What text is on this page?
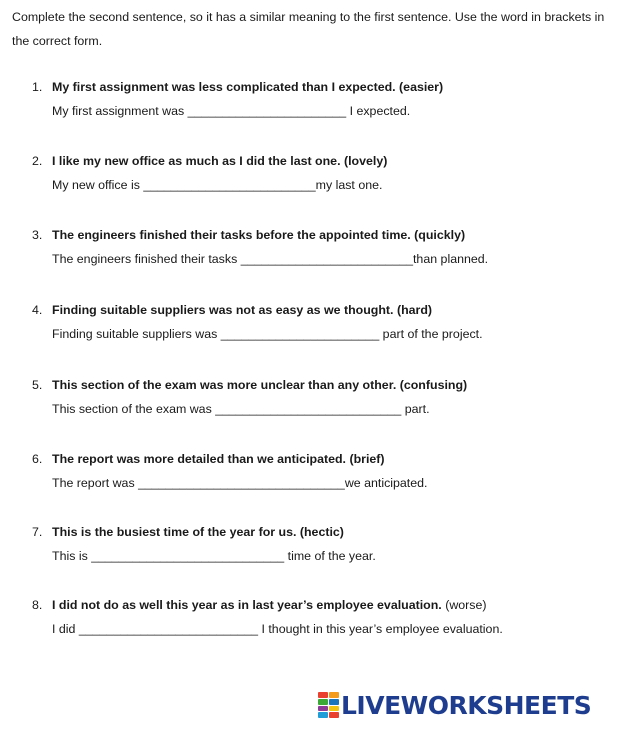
Complete the second sentence, so it has a similar meaning to the first sentence. Use the word in brackets in the correct form.

1. My first assignment was less complicated than I expected. (easier)
My first assignment was _______________________ I expected.
2. I like my new office as much as I did the last one. (lovely)
My new office is _________________________my last one.
3. The engineers finished their tasks before the appointed time. (quickly)
The engineers finished their tasks _________________________than planned.
4. Finding suitable suppliers was not as easy as we thought. (hard)
Finding suitable suppliers was _______________________ part of the project.
5. This section of the exam was more unclear than any other. (confusing)
This section of the exam was ___________________________ part.
6. The report was more detailed than we anticipated. (brief)
The report was ______________________________we anticipated.
7. This is the busiest time of the year for us. (hectic)
This is ____________________________ time of the year.
8. I did not do as well this year as in last year’s employee evaluation. (worse)
I did __________________________ I thought in this year’s employee evaluation.
LIVEWORKSHEETS
